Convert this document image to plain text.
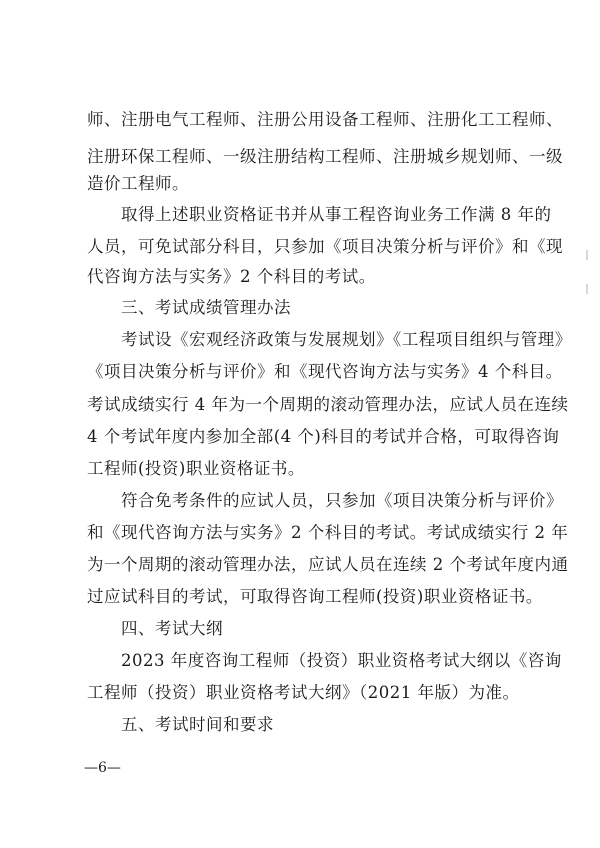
师、注册电气工程师、注册公用设备工程师、注册化工工程师、
注册环保工程师、一级注册结构工程师、注册城乡规划师、一级
造价工程师。
　　取得上述职业资格证书并从事工程咨询业务工作满 8 年的
人员，可免试部分科目，只参加《项目决策分析与评价》和《现
代咨询方法与实务》2 个科目的考试。
　　三、考试成绩管理办法
　　考试设《宏观经济政策与发展规划》《工程项目组织与管理》
《项目决策分析与评价》和《现代咨询方法与实务》4 个科目。
考试成绩实行 4 年为一个周期的滚动管理办法，应试人员在连续
4 个考试年度内参加全部(4 个)科目的考试并合格，可取得咨询
工程师(投资)职业资格证书。
　　符合免考条件的应试人员，只参加《项目决策分析与评价》
和《现代咨询方法与实务》2 个科目的考试。考试成绩实行 2 年
为一个周期的滚动管理办法，应试人员在连续 2 个考试年度内通
过应试科目的考试，可取得咨询工程师(投资)职业资格证书。
　　四、考试大纲
　　2023 年度咨询工程师（投资）职业资格考试大纲以《咨询
工程师（投资）职业资格考试大纲》（2021 年版）为准。
　　五、考试时间和要求
—6—
